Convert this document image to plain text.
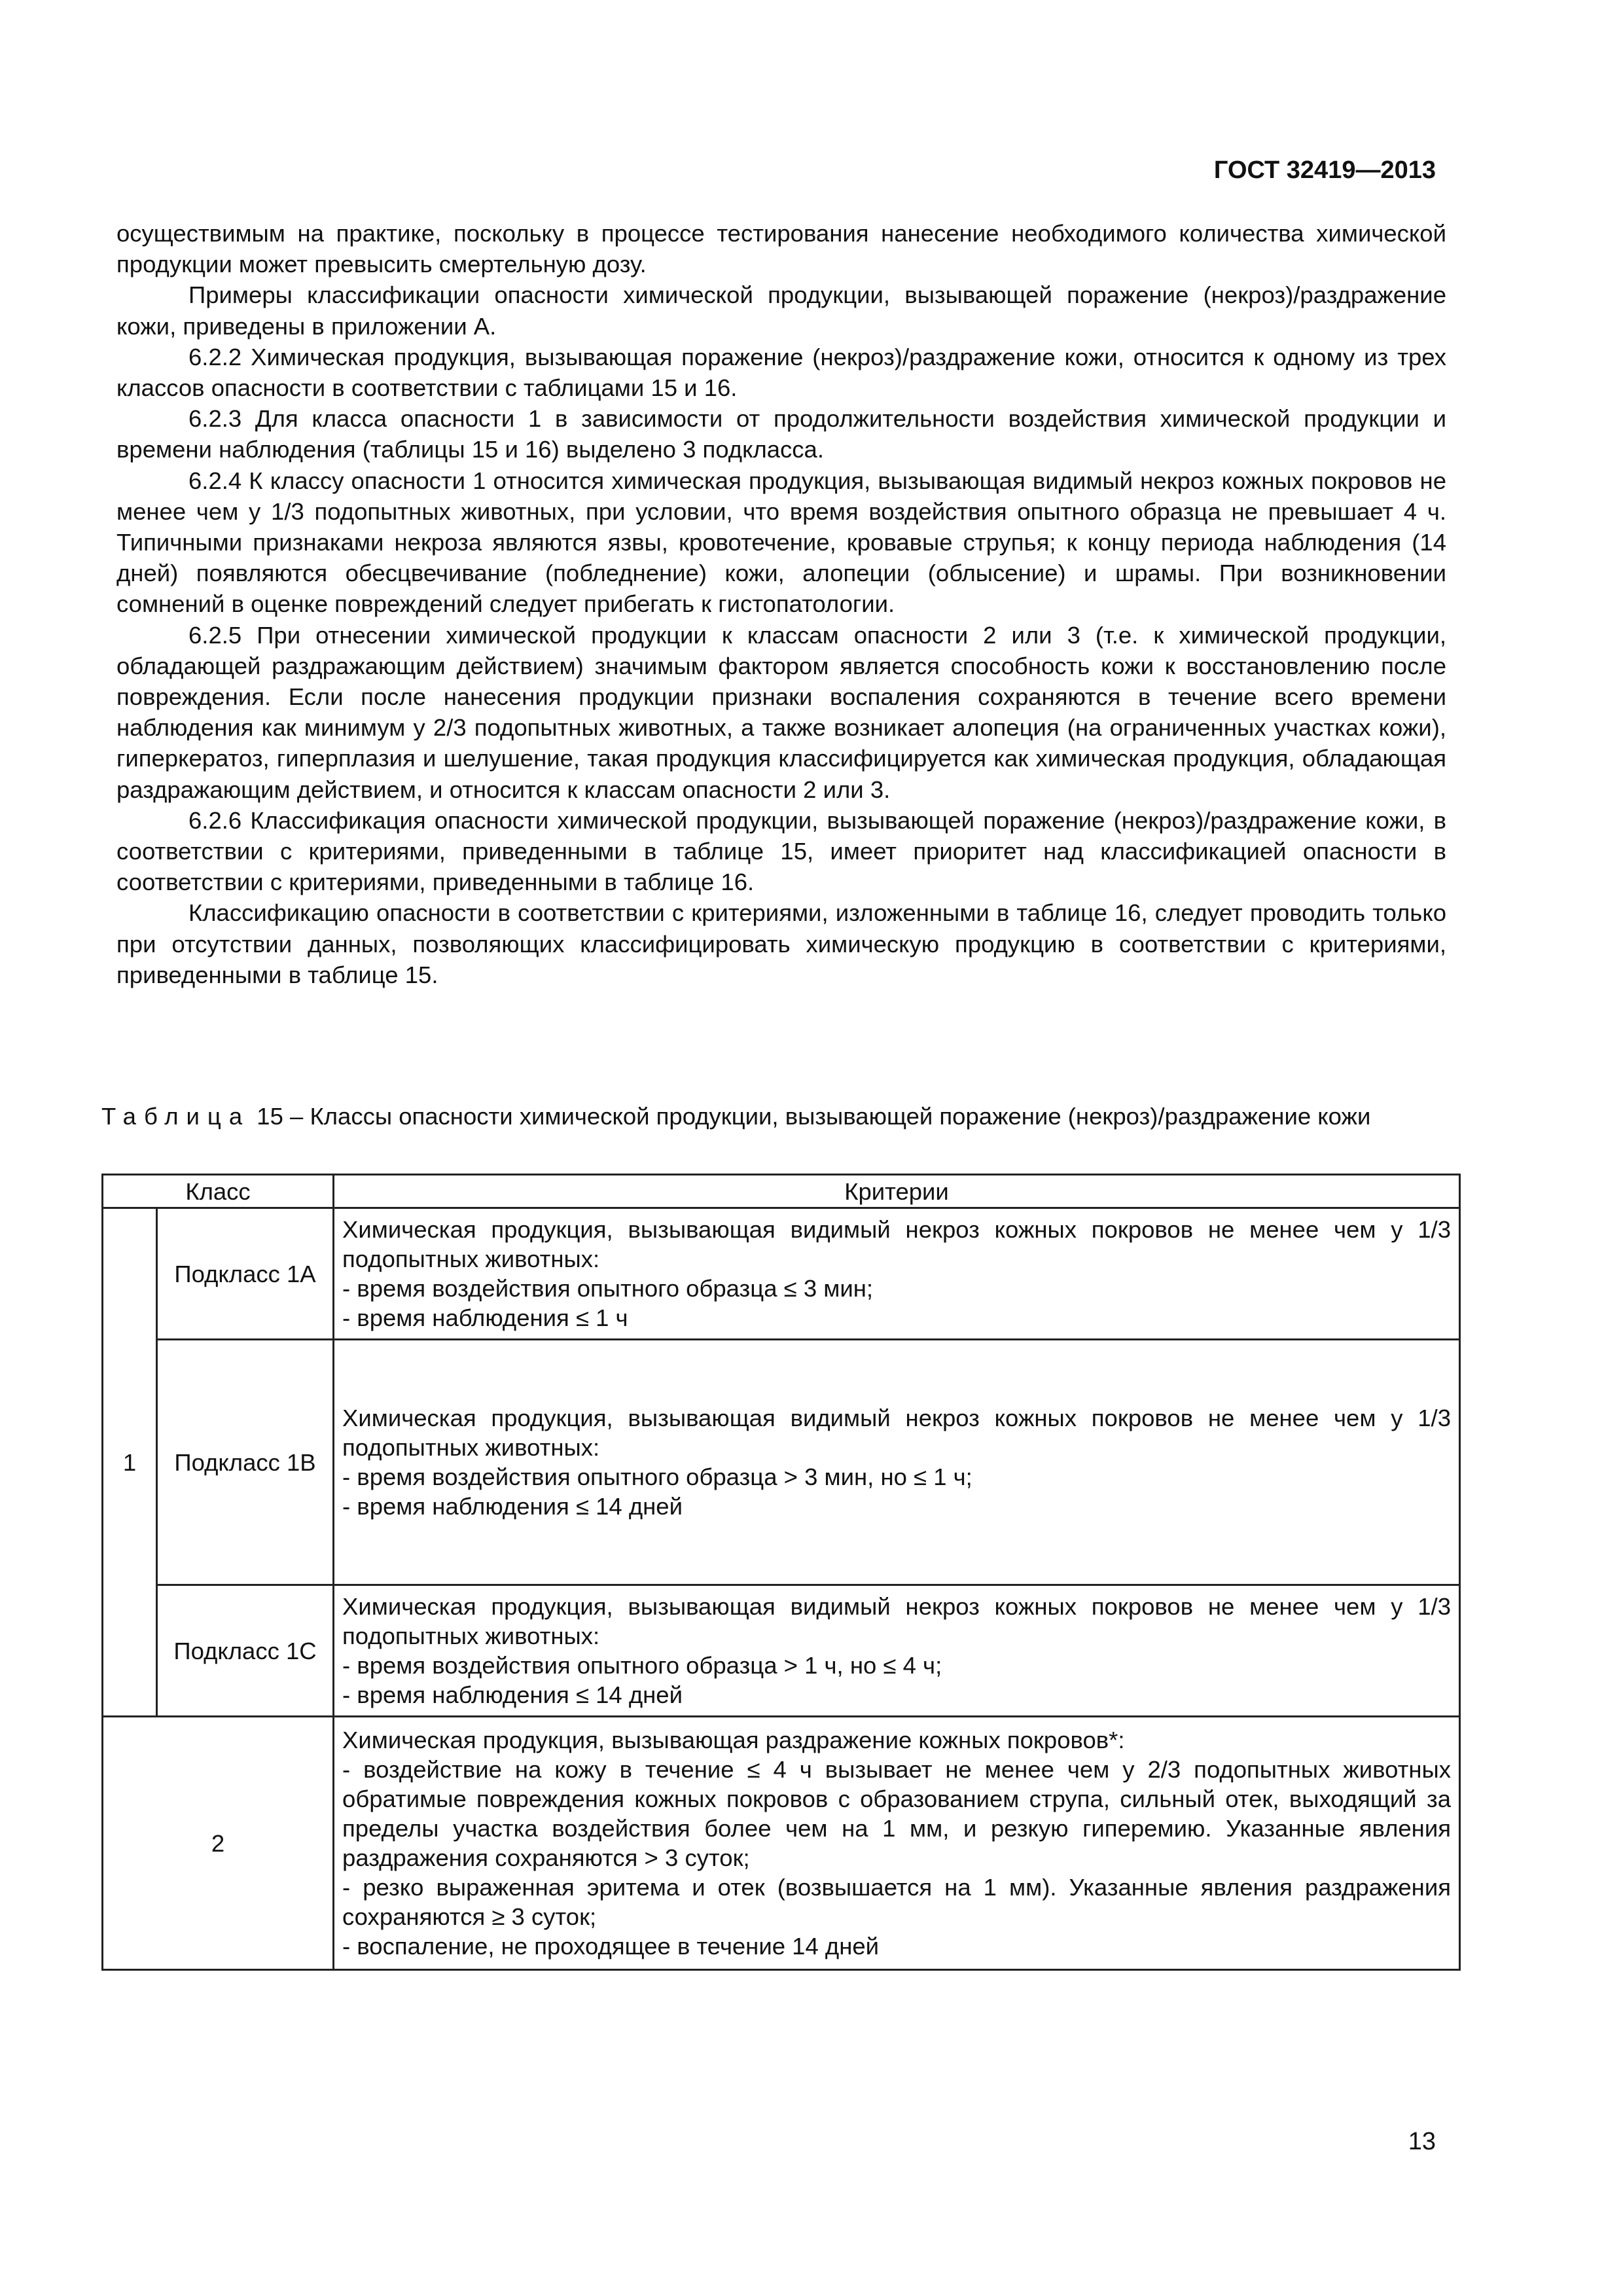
ГОСТ 32419—2013

осуществимым на практике, поскольку в процессе тестирования нанесение необходимого количества химической продукции может превысить смертельную дозу.

Примеры классификации опасности химической продукции, вызывающей поражение (некроз)/раздражение кожи, приведены в приложении А.

6.2.2 Химическая продукция, вызывающая поражение (некроз)/раздражение кожи, относится к одному из трех классов опасности в соответствии с таблицами 15 и 16.

6.2.3 Для класса опасности 1 в зависимости от продолжительности воздействия химической продукции и времени наблюдения (таблицы 15 и 16) выделено 3 подкласса.

6.2.4 К классу опасности 1 относится химическая продукция, вызывающая видимый некроз кожных покровов не менее чем у 1/3 подопытных животных, при условии, что время воздействия опытного образца не превышает 4 ч. Типичными признаками некроза являются язвы, кровотечение, кровавые струпья; к концу периода наблюдения (14 дней) появляются обесцвечивание (побледнение) кожи, алопеции (облысение) и шрамы. При возникновении сомнений в оценке повреждений следует прибегать к гистопатологии.

6.2.5 При отнесении химической продукции к классам опасности 2 или 3 (т.е. к химической продукции, обладающей раздражающим действием) значимым фактором является способность кожи к восстановлению после повреждения. Если после нанесения продукции признаки воспаления сохраняются в течение всего времени наблюдения как минимум у 2/3 подопытных животных, а также возникает алопеция (на ограниченных участках кожи), гиперкератоз, гиперплазия и шелушение, такая продукция классифицируется как химическая продукция, обладающая раздражающим действием, и относится к классам опасности 2 или 3.

6.2.6 Классификация опасности химической продукции, вызывающей поражение (некроз)/раздражение кожи, в соответствии с критериями, приведенными в таблице 15, имеет приоритет над классификацией опасности в соответствии с критериями, приведенными в таблице 16.

Классификацию опасности в соответствии с критериями, изложенными в таблице 16, следует проводить только при отсутствии данных, позволяющих классифицировать химическую продукцию в соответствии с критериями, приведенными в таблице 15.

Таблица 15 – Классы опасности химической продукции, вызывающей поражение (некроз)/раздражение кожи
Класс		Критерии
1	Подкласс 1А	Химическая продукция, вызывающая видимый некроз кожных покровов не менее чем у 1/3 подопытных животных:
- время воздействия опытного образца ≤ 3 мин;
- время наблюдения ≤ 1 ч

	Подкласс 1В	Химическая продукция, вызывающая видимый некроз кожных покровов не менее чем у 1/3 подопытных животных:
- время воздействия опытного образца > 3 мин, но ≤ 1 ч;
- время наблюдения ≤ 14 дней

	Подкласс 1С	Химическая продукция, вызывающая видимый некроз кожных покровов не менее чем у 1/3 подопытных животных:
- время воздействия опытного образца > 1 ч, но ≤ 4 ч;
- время наблюдения ≤ 14 дней

2		Химическая продукция, вызывающая раздражение кожных покровов*:
- воздействие на кожу в течение ≤ 4 ч вызывает не менее чем у 2/3 подопытных животных обратимые повреждения кожных покровов с образованием струпа, сильный отек, выходящий за пределы участка воздействия более чем на 1 мм, и резкую гиперемию. Указанные явления раздражения сохраняются > 3 суток;
- резко выраженная эритема и отек (возвышается на 1 мм). Указанные явления раздражения сохраняются ≥ 3 суток;
- воспаление, не проходящее в течение 14 дней
13
